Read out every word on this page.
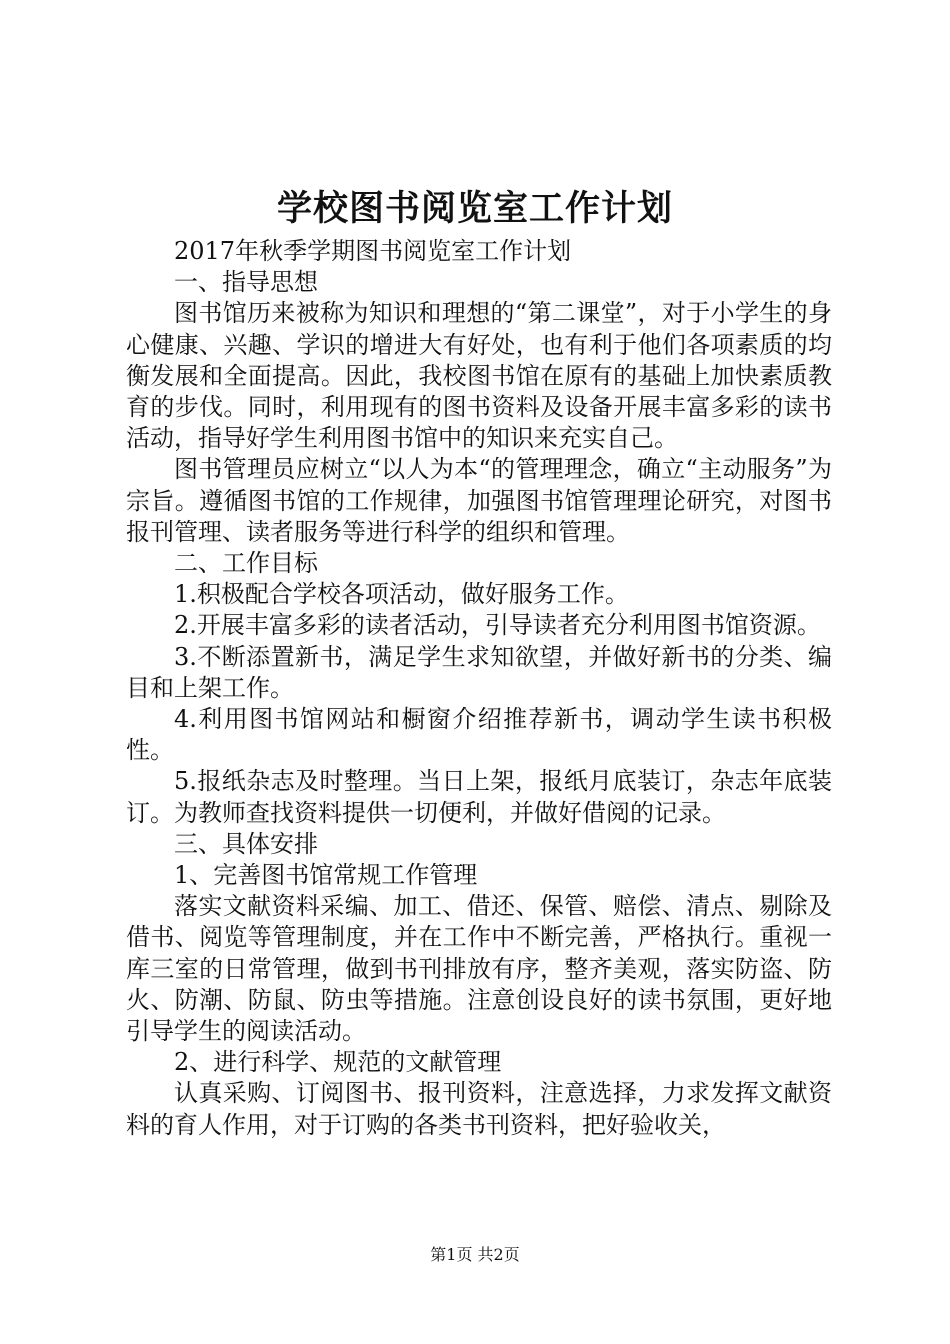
学校图书阅览室工作计划

2017年秋季学期图书阅览室工作计划

一、指导思想

图书馆历来被称为知识和理想的“第二课堂”，对于小学生的身心健康、兴趣、学识的增进大有好处，也有利于他们各项素质的均衡发展和全面提高。因此，我校图书馆在原有的基础上加快素质教育的步伐。同时，利用现有的图书资料及设备开展丰富多彩的读书活动，指导好学生利用图书馆中的知识来充实自己。

图书管理员应树立“以人为本“的管理理念，确立“主动服务”为宗旨。遵循图书馆的工作规律，加强图书馆管理理论研究，对图书报刊管理、读者服务等进行科学的组织和管理。

二、工作目标

1.积极配合学校各项活动，做好服务工作。

2.开展丰富多彩的读者活动，引导读者充分利用图书馆资源。

3.不断添置新书，满足学生求知欲望，并做好新书的分类、编目和上架工作。

4.利用图书馆网站和橱窗介绍推荐新书，调动学生读书积极性。

5.报纸杂志及时整理。当日上架，报纸月底装订，杂志年底装订。为教师查找资料提供一切便利，并做好借阅的记录。

三、具体安排

1、完善图书馆常规工作管理

落实文献资料采编、加工、借还、保管、赔偿、清点、剔除及借书、阅览等管理制度，并在工作中不断完善，严格执行。重视一库三室的日常管理，做到书刊排放有序，整齐美观，落实防盗、防火、防潮、防鼠、防虫等措施。注意创设良好的读书氛围，更好地引导学生的阅读活动。

2、进行科学、规范的文献管理

认真采购、订阅图书、报刊资料，注意选择，力求发挥文献资料的育人作用，对于订购的各类书刊资料，把好验收关，

第1页 共2页
